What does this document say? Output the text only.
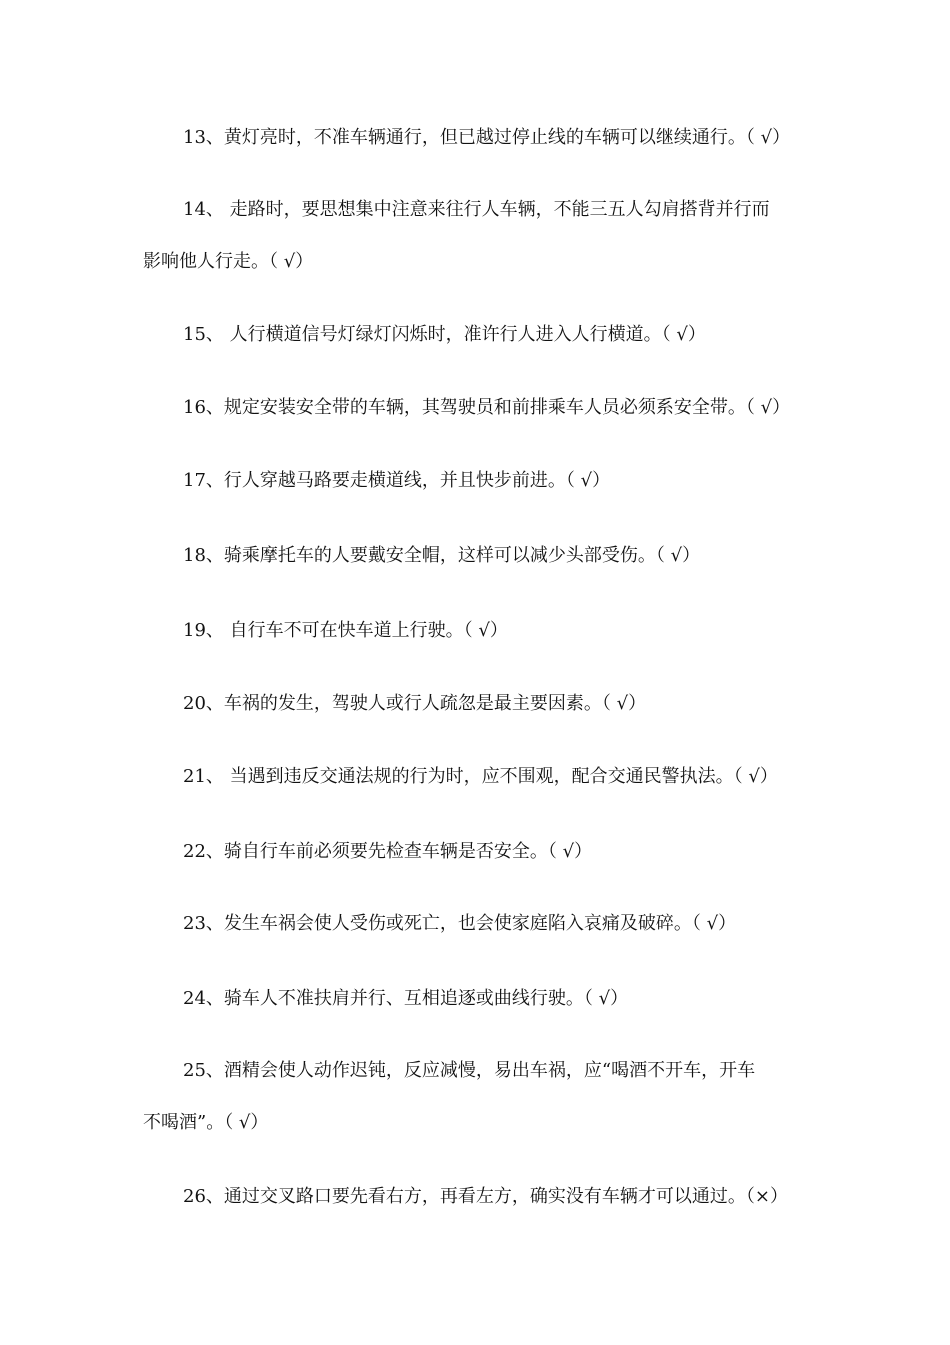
13、黄灯亮时，不准车辆通行，但已越过停止线的车辆可以继续通行。（ √）
14、 走路时，要思想集中注意来往行人车辆，不能三五人勾肩搭背并行而
影响他人行走。（ √）
15、 人行横道信号灯绿灯闪烁时，准许行人进入人行横道。（ √）
16、规定安装安全带的车辆，其驾驶员和前排乘车人员必须系安全带。（ √）
17、行人穿越马路要走横道线，并且快步前进。（ √）
18、骑乘摩托车的人要戴安全帽，这样可以减少头部受伤。（ √）
19、 自行车不可在快车道上行驶。（ √）
20、车祸的发生，驾驶人或行人疏忽是最主要因素。（ √）
21、 当遇到违反交通法规的行为时，应不围观，配合交通民警执法。（ √）
22、骑自行车前必须要先检查车辆是否安全。（ √）
23、发生车祸会使人受伤或死亡，也会使家庭陷入哀痛及破碎。（ √）
24、骑车人不准扶肩并行、互相追逐或曲线行驶。（ √）
25、酒精会使人动作迟钝，反应减慢，易出车祸，应“喝酒不开车，开车
不喝酒”。（ √）
26、通过交叉路口要先看右方，再看左方，确实没有车辆才可以通过。（×）
